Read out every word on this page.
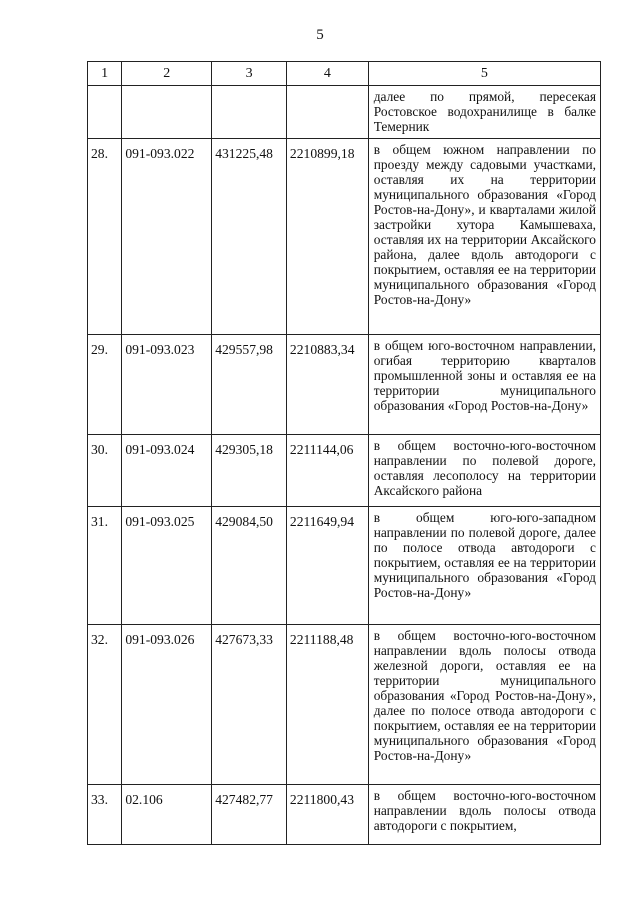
5
1	2	3	4	5

				далее по прямой, пересекая Ростовское водохранилище в балке Темерник

28.	091-093.022	431225,48	2210899,18	в общем южном направлении по проезду между садовыми участками, оставляя их на территории муниципального образования «Город Ростов-на-Дону», и кварталами жилой застройки хутора Камышеваха, оставляя их на территории Аксайского района, далее вдоль автодороги с покрытием, оставляя ее на территории муниципального образования «Город Ростов-на-Дону»

29.	091-093.023	429557,98	2210883,34	в общем юго-восточном направлении, огибая территорию кварталов промышленной зоны и оставляя ее на территории муниципального образования «Город Ростов-на-Дону»

30.	091-093.024	429305,18	2211144,06	в общем восточно-юго-восточном направлении по полевой дороге, оставляя лесополосу на территории Аксайского района

31.	091-093.025	429084,50	2211649,94	в общем юго-юго-западном направлении по полевой дороге, далее по полосе отвода автодороги с покрытием, оставляя ее на территории муниципального образования «Город Ростов-на-Дону»

32.	091-093.026	427673,33	2211188,48	в общем восточно-юго-восточном направлении вдоль полосы отвода железной дороги, оставляя ее на территории муниципального образования «Город Ростов-на-Дону», далее по полосе отвода автодороги с покрытием, оставляя ее на территории муниципального образования «Город Ростов-на-Дону»

33.	02.106	427482,77	2211800,43	в общем восточно-юго-восточном направлении вдоль полосы отвода автодороги с покрытием,
